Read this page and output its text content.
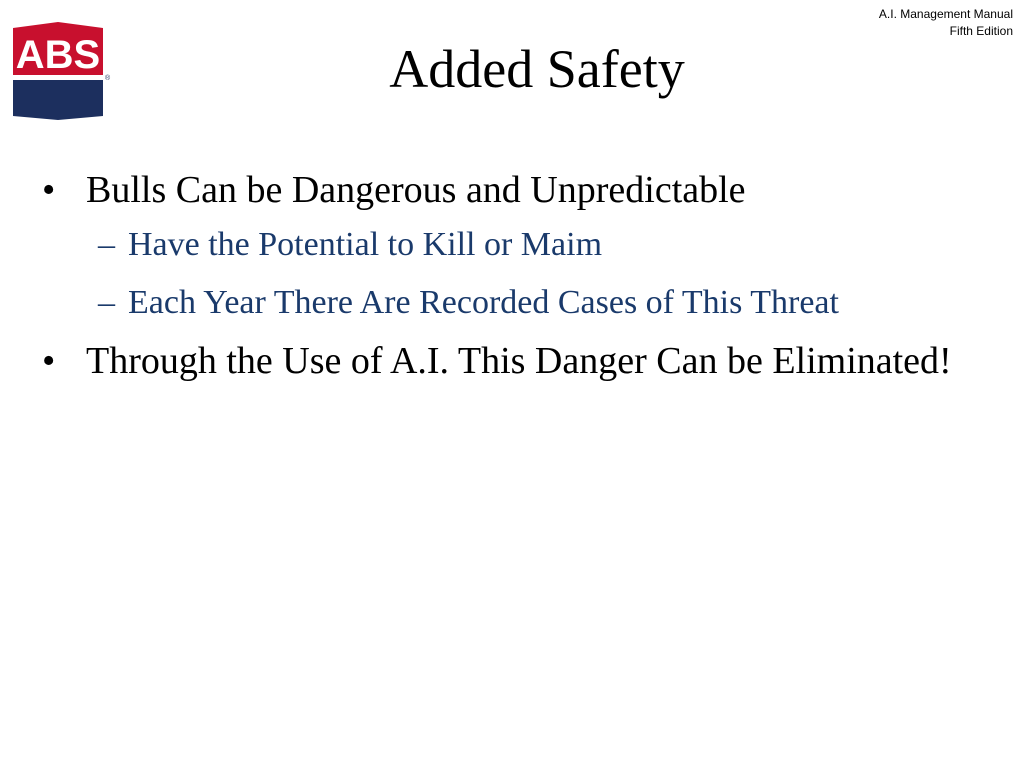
ABS
®
A.I. Management Manual
Fifth Edition
Added Safety
• Bulls Can be Dangerous and Unpredictable
– Have the Potential to Kill or Maim
– Each Year There Are Recorded Cases of This Threat
• Through the Use of A.I. This Danger Can be Eliminated!
